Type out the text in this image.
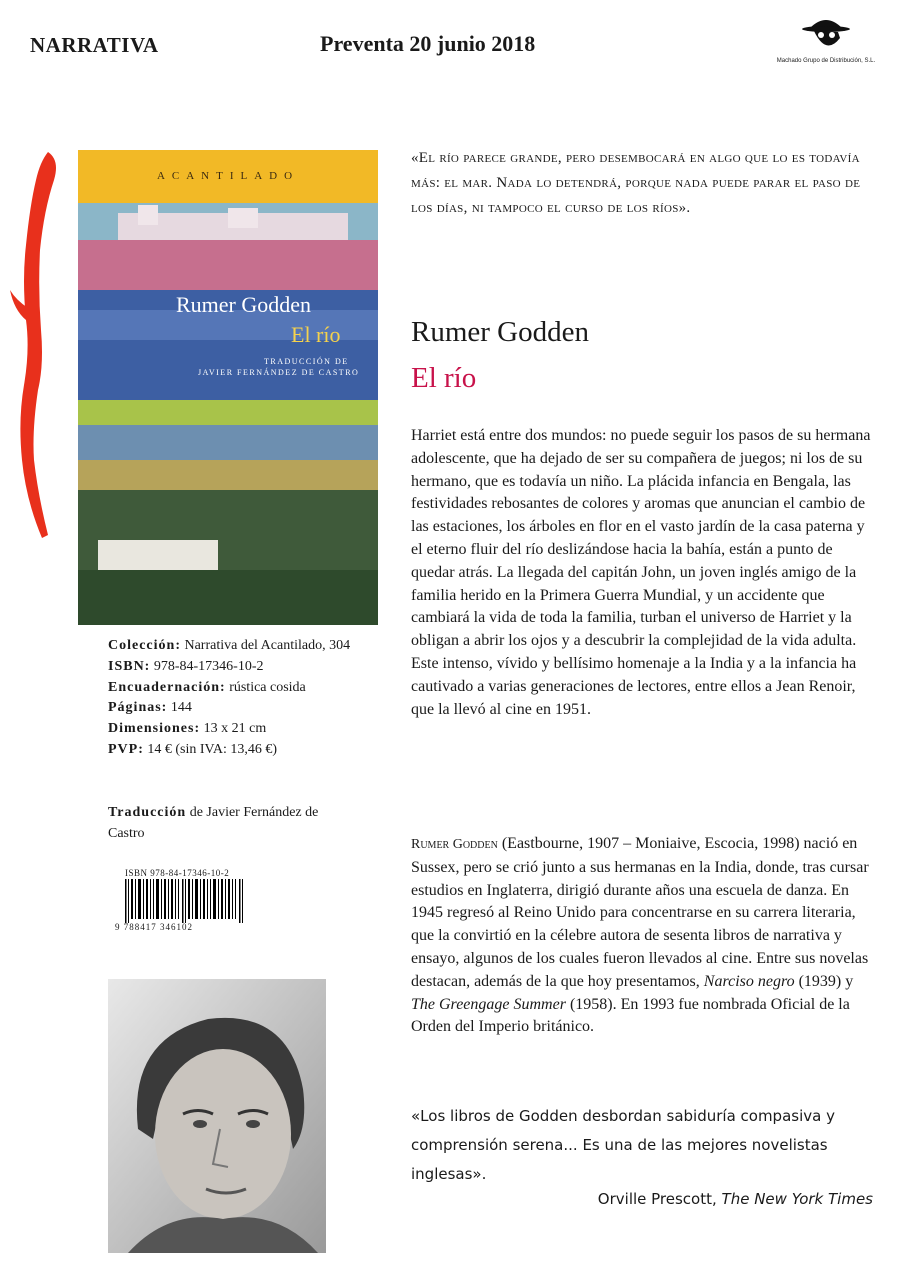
NARRATIVA	Preventa 20 junio 2018
Machado Grupo de Distribución, S.L.
ACANTILADO
Rumer Godden
El río
TRADUCCIÓN DE
JAVIER FERNÁNDEZ DE CASTRO
Colección: Narrativa del Acantilado, 304
ISBN: 978-84-17346-10-2
Encuadernación: rústica cosida
Páginas: 144
Dimensiones: 13 x 21 cm
PVP: 14 € (sin IVA: 13,46 €)
Traducción de Javier Fernández de Castro
ISBN 978-84-17346-10-2
9 788417 346102
«El río parece grande, pero desembocará en algo que lo es todavía más: el mar. Nada lo detendrá, porque nada puede parar el paso de los días, ni tampoco el curso de los ríos».
Rumer Godden
El río
Harriet está entre dos mundos: no puede seguir los pasos de su hermana adolescente, que ha dejado de ser su compañera de juegos; ni los de su hermano, que es todavía un niño. La plácida infancia en Bengala, las festividades rebosantes de colores y aromas que anuncian el cambio de las estaciones, los árboles en flor en el vasto jardín de la casa paterna y el eterno fluir del río deslizándose hacia la bahía, están a punto de quedar atrás. La llegada del capitán John, un joven inglés amigo de la familia herido en la Primera Guerra Mundial, y un accidente que cambiará la vida de toda la familia, turban el universo de Harriet y la obligan a abrir los ojos y a descubrir la complejidad de la vida adulta. Este intenso, vívido y bellísimo homenaje a la India y a la infancia ha cautivado a varias generaciones de lectores, entre ellos a Jean Renoir, que la llevó al cine en 1951.
Rumer Godden (Eastbourne, 1907 – Moniaive, Escocia, 1998) nació en Sussex, pero se crió junto a sus hermanas en la India, donde, tras cursar estudios en Inglaterra, dirigió durante años una escuela de danza. En 1945 regresó al Reino Unido para concentrarse en su carrera literaria, que la convirtió en la célebre autora de sesenta libros de narrativa y ensayo, algunos de los cuales fueron llevados al cine. Entre sus novelas destacan, además de la que hoy presentamos, Narciso negro (1939) y The Greengage Summer (1958). En 1993 fue nombrada Oficial de la Orden del Imperio británico.
«Los libros de Godden desbordan sabiduría compasiva y comprensión serena... Es una de las mejores novelistas inglesas».
Orville Prescott, The New York Times
